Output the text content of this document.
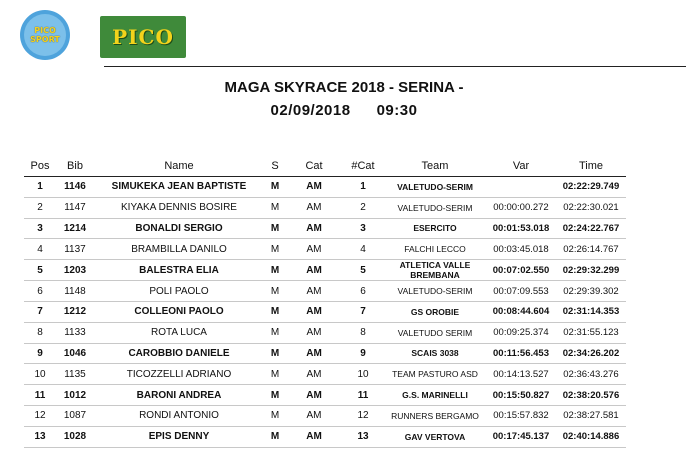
PICO
SPORT	PICO
MAGA SKYRACE 2018 - SERINA -
02/09/2018 09:30
Pos	Bib	Name	S	Cat	#Cat	Team	Var	Time
1	1146	SIMUKEKA JEAN BAPTISTE	M	AM	1	VALETUDO-SERIM		02:22:29.749
2	1147	KIYAKA DENNIS BOSIRE	M	AM	2	VALETUDO-SERIM	00:00:00.272	02:22:30.021
3	1214	BONALDI SERGIO	M	AM	3	ESERCITO	00:01:53.018	02:24:22.767
4	1137	BRAMBILLA DANILO	M	AM	4	FALCHI LECCO	00:03:45.018	02:26:14.767
5	1203	BALESTRA ELIA	M	AM	5	ATLETICA VALLE BREMBANA	00:07:02.550	02:29:32.299
6	1148	POLI PAOLO	M	AM	6	VALETUDO-SERIM	00:07:09.553	02:29:39.302
7	1212	COLLEONI PAOLO	M	AM	7	GS OROBIE	00:08:44.604	02:31:14.353
8	1133	ROTA LUCA	M	AM	8	VALETUDO SERIM	00:09:25.374	02:31:55.123
9	1046	CAROBBIO DANIELE	M	AM	9	SCAIS 3038	00:11:56.453	02:34:26.202
10	1135	TICOZZELLI ADRIANO	M	AM	10	TEAM PASTURO ASD	00:14:13.527	02:36:43.276
11	1012	BARONI ANDREA	M	AM	11	G.S. MARINELLI	00:15:50.827	02:38:20.576
12	1087	RONDI ANTONIO	M	AM	12	RUNNERS BERGAMO	00:15:57.832	02:38:27.581
13	1028	EPIS DENNY	M	AM	13	GAV VERTOVA	00:17:45.137	02:40:14.886
